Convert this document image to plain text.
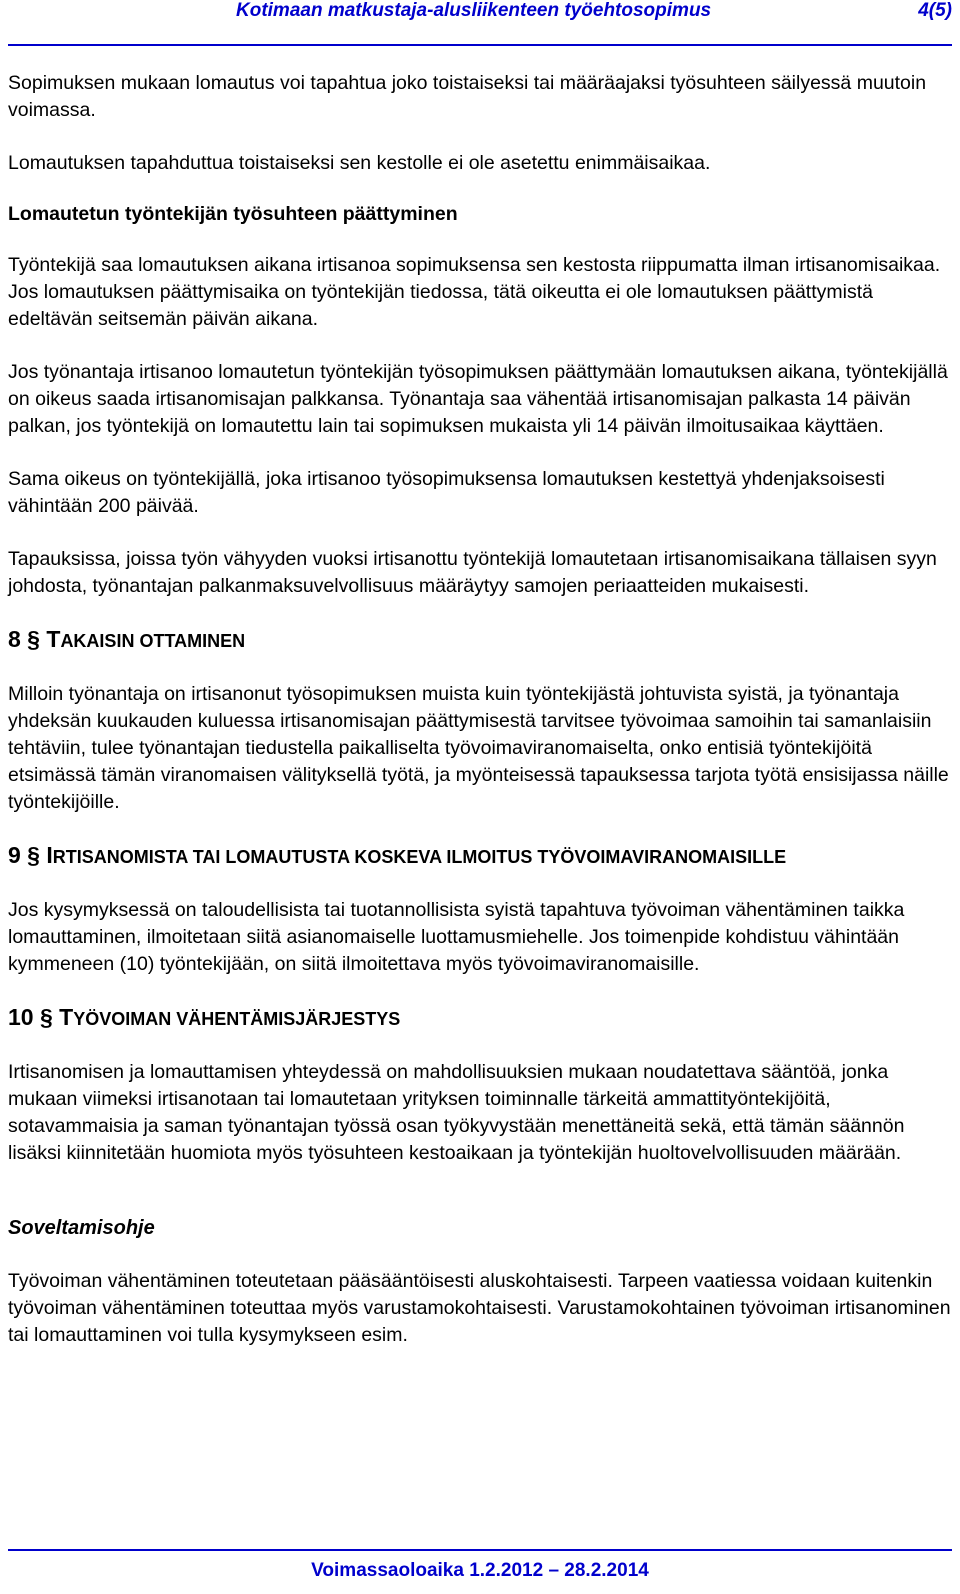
Kotimaan matkustaja-alusliikenteen työehtosopimus	4(5)

Sopimuksen mukaan lomautus voi tapahtua joko toistaiseksi tai määräajaksi työsuhteen säilyessä muutoin voimassa.

Lomautuksen tapahduttua toistaiseksi sen kestolle ei ole asetettu enimmäisaikaa.

Lomautetun työntekijän työsuhteen päättyminen

Työntekijä saa lomautuksen aikana irtisanoa sopimuksensa sen kestosta riippumatta ilman irtisanomisaikaa. Jos lomautuksen päättymisaika on työntekijän tiedossa, tätä oikeutta ei ole lomautuksen päättymistä edeltävän seitsemän päivän aikana.

Jos työnantaja irtisanoo lomautetun työntekijän työsopimuksen päättymään lomautuksen aikana, työntekijällä on oikeus saada irtisanomisajan palkkansa. Työnantaja saa vähentää irtisanomisajan palkasta 14 päivän palkan, jos työntekijä on lomautettu lain tai sopimuksen mukaista yli 14 päivän ilmoitusaikaa käyttäen.

Sama oikeus on työntekijällä, joka irtisanoo työsopimuksensa lomautuksen kestettyä yhdenjaksoisesti vähintään 200 päivää.

Tapauksissa, joissa työn vähyyden vuoksi irtisanottu työntekijä lomautetaan irtisanomisaikana tällaisen syyn johdosta, työnantajan palkanmaksuvelvollisuus määräytyy samojen periaatteiden mukaisesti.

8 § TAKAISIN OTTAMINEN

Milloin työnantaja on irtisanonut työsopimuksen muista kuin työntekijästä johtuvista syistä, ja työnantaja yhdeksän kuukauden kuluessa irtisanomisajan päättymisestä tarvitsee työvoimaa samoihin tai samanlaisiin tehtäviin, tulee työnantajan tiedustella paikalliselta työvoimaviranomaiselta, onko entisiä työntekijöitä etsimässä tämän viranomaisen välityksellä työtä, ja myönteisessä tapauksessa tarjota työtä ensisijassa näille työntekijöille.

9 § IRTISANOMISTA TAI LOMAUTUSTA KOSKEVA ILMOITUS TYÖVOIMAVIRANOMAISILLE

Jos kysymyksessä on taloudellisista tai tuotannollisista syistä tapahtuva työvoiman vähentäminen taikka lomauttaminen, ilmoitetaan siitä asianomaiselle luottamusmiehelle. Jos toimenpide kohdistuu vähintään kymmeneen (10) työntekijään, on siitä ilmoitettava myös työvoimaviranomaisille.

10 § TYÖVOIMAN VÄHENTÄMISJÄRJESTYS

Irtisanomisen ja lomauttamisen yhteydessä on mahdollisuuksien mukaan noudatettava sääntöä, jonka mukaan viimeksi irtisanotaan tai lomautetaan yrityksen toiminnalle tärkeitä ammattityöntekijöitä, sotavammaisia ja saman työnantajan työssä osan työkyvystään menettäneitä sekä, että tämän säännön lisäksi kiinnitetään huomiota myös työsuhteen kestoaikaan ja työntekijän huoltovelvollisuuden määrään.

Soveltamisohje

Työvoiman vähentäminen toteutetaan pääsääntöisesti aluskohtaisesti. Tarpeen vaatiessa voidaan kuitenkin työvoiman vähentäminen toteuttaa myös varustamokohtaisesti. Varustamokohtainen työvoiman irtisanominen tai lomauttaminen voi tulla kysymykseen esim.

Voimassaoloaika 1.2.2012 – 28.2.2014
